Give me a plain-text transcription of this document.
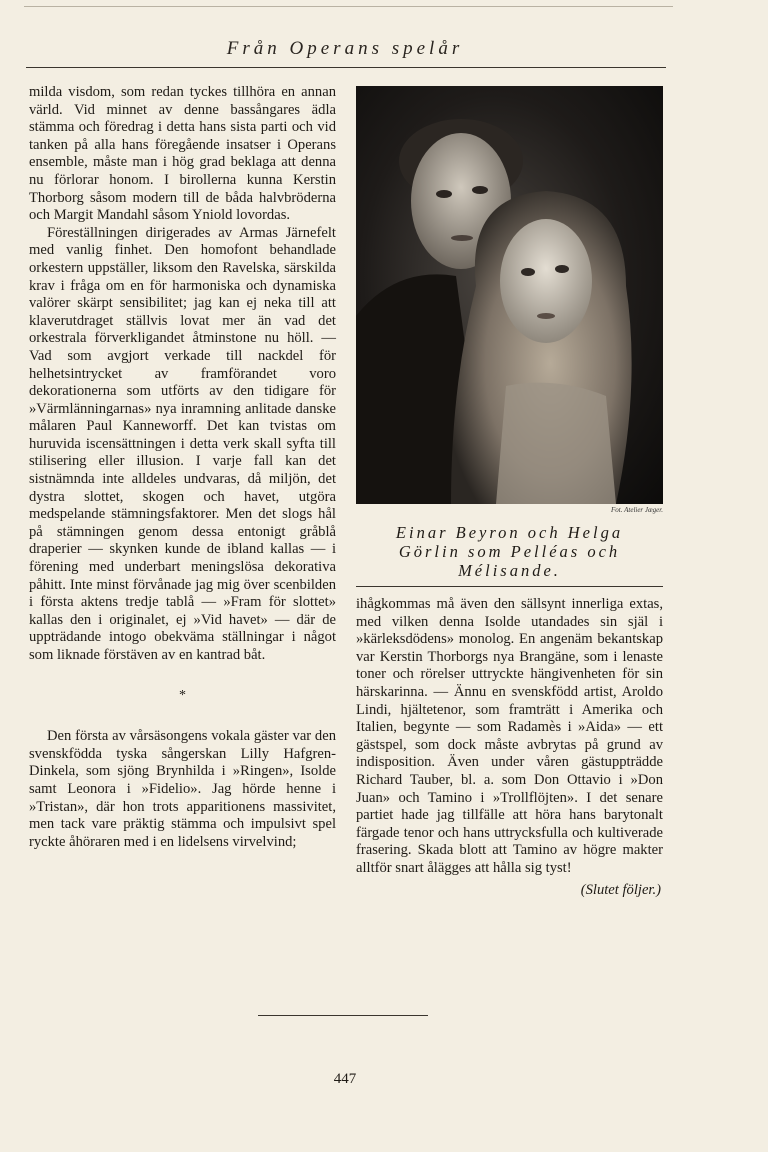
Från Operans spelår

milda visdom, som redan tyckes tillhöra en annan värld. Vid minnet av denne bassångares ädla stämma och föredrag i detta hans sista parti och vid tanken på alla hans föregående insatser i Operans ensemble, måste man i hög grad beklaga att denna nu förlorar honom. I birollerna kunna Kerstin Thorborg såsom modern till de båda halvbröderna och Margit Mandahl såsom Yniold lovordas.

Föreställningen dirigerades av Armas Järnefelt med vanlig finhet. Den homofont behandlade orkestern uppställer, liksom den Ravelska, särskilda krav i fråga om en för harmoniska och dynamiska valörer skärpt sensibilitet; jag kan ej neka till att klaverutdraget ställvis lovat mer än vad det orkestrala förverkligandet åtminstone nu höll. — Vad som avgjort verkade till nackdel för helhetsintrycket av framförandet voro dekorationerna som utförts av den tidigare för »Värmlänningarnas» nya inramning anlitade danske målaren Paul Kanneworff. Det kan tvistas om huruvida iscensättningen i detta verk skall syfta till stilisering eller illusion. I varje fall kan det sistnämnda inte alldeles undvaras, då miljön, det dystra slottet, skogen och havet, utgöra medspelande stämningsfaktorer. Men det slogs hål på stämningen genom dessa entonigt gråblå draperier — skynken kunde de ibland kallas — i förening med underbart meningslösa dekorativa påhitt. Inte minst förvånade jag mig över scenbilden i första aktens tredje tablå — »Fram för slottet» kallas den i originalet, ej »Vid havet» — där de uppträdande intogo obekväma ställningar i något som liknade förstäven av en kantrad båt.

*

Den första av vårsäsongens vokala gäster var den svenskfödda tyska sångerskan Lilly Hafgren-Dinkela, som sjöng Brynhilda i »Ringen», Isolde samt Leonora i »Fidelio». Jag hörde henne i »Tristan», där hon trots apparitionens massivitet, men tack vare präktig stämma och impulsivt spel ryckte åhöraren med i en lidelsens virvelvind;

Fot. Atelier Jæger.
Einar Beyron och Helga
Görlin som Pelléas och
Mélisande.

ihågkommas må även den sällsynt innerliga extas, med vilken denna Isolde utandades sin själ i »kärleksdödens» monolog. En angenäm bekantskap var Kerstin Thorborgs nya Brangäne, som i lenaste toner och rörelser uttryckte hängivenheten för sin härskarinna. — Ännu en svenskfödd artist, Aroldo Lindi, hjältetenor, som framträtt i Amerika och Italien, begynte — som Radamès i »Aida» — ett gästspel, som dock måste avbrytas på grund av indisposition. Även under våren gästuppträdde Richard Tauber, bl. a. som Don Ottavio i »Don Juan» och Tamino i »Trollflöjten». I det senare partiet hade jag tillfälle att höra hans barytonalt färgade tenor och hans uttrycksfulla och kultiverade frasering. Skada blott att Tamino av högre makter alltför snart ålägges att hålla sig tyst!

(Slutet följer.)

447
